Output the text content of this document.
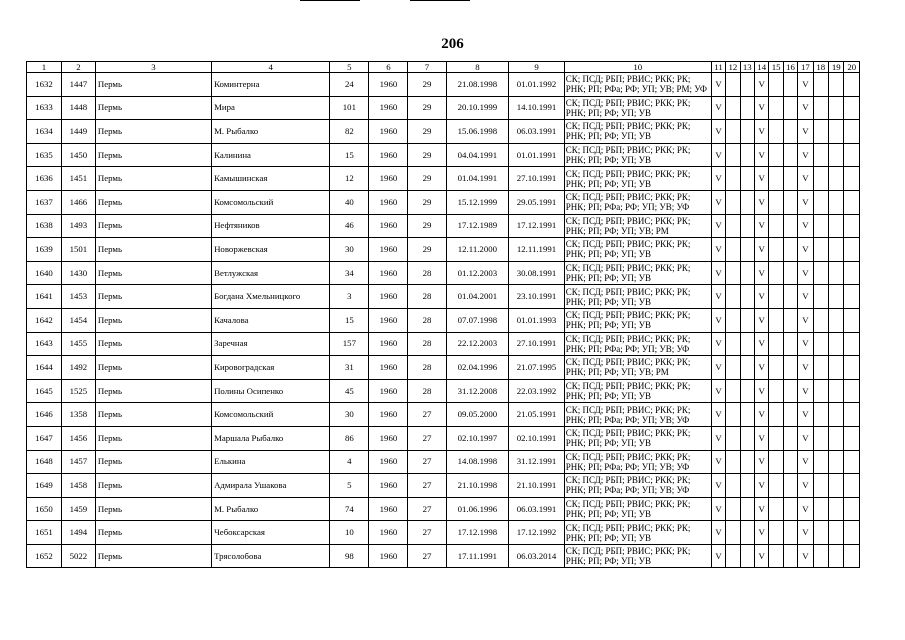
206
1	2	3	4	5	6	7	8	9	10	11	12	13	14	15	16	17	18	19	20
1632	1447	Пермь	Коминтерна	24	1960	29	21.08.1998	01.01.1992	СК; ПСД; РБП; РВИС; РКК; РК; РНК; РП; РФа; РФ; УП; УВ; РМ; УФ	V			V			V			
1633	1448	Пермь	Мира	101	1960	29	20.10.1999	14.10.1991	СК; ПСД; РБП; РВИС; РКК; РК; РНК; РП; РФ; УП; УВ	V			V			V			
1634	1449	Пермь	М. Рыбалко	82	1960	29	15.06.1998	06.03.1991	СК; ПСД; РБП; РВИС; РКК; РК; РНК; РП; РФ; УП; УВ	V			V			V			
1635	1450	Пермь	Калинина	15	1960	29	04.04.1991	01.01.1991	СК; ПСД; РБП; РВИС; РКК; РК; РНК; РП; РФ; УП; УВ	V			V			V			
1636	1451	Пермь	Камышинская	12	1960	29	01.04.1991	27.10.1991	СК; ПСД; РБП; РВИС; РКК; РК; РНК; РП; РФ; УП; УВ	V			V			V			
1637	1466	Пермь	Комсомольский	40	1960	29	15.12.1999	29.05.1991	СК; ПСД; РБП; РВИС; РКК; РК; РНК; РП; РФа; РФ; УП; УВ; УФ	V			V			V			
1638	1493	Пермь	Нефтяников	46	1960	29	17.12.1989	17.12.1991	СК; ПСД; РБП; РВИС; РКК; РК; РНК; РП; РФ; УП; УВ; РМ	V			V			V			
1639	1501	Пермь	Новоржевская	30	1960	29	12.11.2000	12.11.1991	СК; ПСД; РБП; РВИС; РКК; РК; РНК; РП; РФ; УП; УВ	V			V			V			
1640	1430	Пермь	Ветлужская	34	1960	28	01.12.2003	30.08.1991	СК; ПСД; РБП; РВИС; РКК; РК; РНК; РП; РФ; УП; УВ	V			V			V			
1641	1453	Пермь	Богдана Хмельницкого	3	1960	28	01.04.2001	23.10.1991	СК; ПСД; РБП; РВИС; РКК; РК; РНК; РП; РФ; УП; УВ	V			V			V			
1642	1454	Пермь	Качалова	15	1960	28	07.07.1998	01.01.1993	СК; ПСД; РБП; РВИС; РКК; РК; РНК; РП; РФ; УП; УВ	V			V			V			
1643	1455	Пермь	Заречная	157	1960	28	22.12.2003	27.10.1991	СК; ПСД; РБП; РВИС; РКК; РК; РНК; РП; РФа; РФ; УП; УВ; УФ	V			V			V			
1644	1492	Пермь	Кировоградская	31	1960	28	02.04.1996	21.07.1995	СК; ПСД; РБП; РВИС; РКК; РК; РНК; РП; РФ; УП; УВ; РМ	V			V			V			
1645	1525	Пермь	Полины Осипенко	45	1960	28	31.12.2008	22.03.1992	СК; ПСД; РБП; РВИС; РКК; РК; РНК; РП; РФ; УП; УВ	V			V			V			
1646	1358	Пермь	Комсомольский	30	1960	27	09.05.2000	21.05.1991	СК; ПСД; РБП; РВИС; РКК; РК; РНК; РП; РФа; РФ; УП; УВ; УФ	V			V			V			
1647	1456	Пермь	Маршала Рыбалко	86	1960	27	02.10.1997	02.10.1991	СК; ПСД; РБП; РВИС; РКК; РК; РНК; РП; РФ; УП; УВ	V			V			V			
1648	1457	Пермь	Елькина	4	1960	27	14.08.1998	31.12.1991	СК; ПСД; РБП; РВИС; РКК; РК; РНК; РП; РФа; РФ; УП; УВ; УФ	V			V			V			
1649	1458	Пермь	Адмирала Ушакова	5	1960	27	21.10.1998	21.10.1991	СК; ПСД; РБП; РВИС; РКК; РК; РНК; РП; РФа; РФ; УП; УВ; УФ	V			V			V			
1650	1459	Пермь	М. Рыбалко	74	1960	27	01.06.1996	06.03.1991	СК; ПСД; РБП; РВИС; РКК; РК; РНК; РП; РФ; УП; УВ	V			V			V			
1651	1494	Пермь	Чебоксарская	10	1960	27	17.12.1998	17.12.1992	СК; ПСД; РБП; РВИС; РКК; РК; РНК; РП; РФ; УП; УВ	V			V			V			
1652	5022	Пермь	Трясолобова	98	1960	27	17.11.1991	06.03.2014	СК; ПСД; РБП; РВИС; РКК; РК; РНК; РП; РФ; УП; УВ	V			V			V			
